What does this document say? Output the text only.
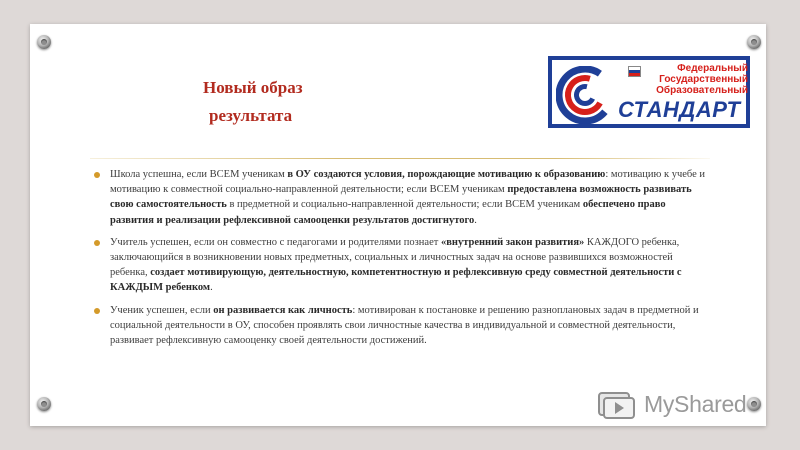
Новый образ
результата
Федеральный
Государственный
Образовательный
СТАНДАРТ
Школа успешна, если ВСЕМ ученикам в ОУ создаются условия, порождающие мотивацию к образованию: мотивацию к учебе и мотивацию к совместной социально-направленной деятельности; если ВСЕМ ученикам предоставлена возможность развивать свою самостоятельность в предметной и социально-направленной деятельности; если ВСЕМ ученикам обеспечено право развития и реализации рефлексивной самооценки результатов достигнутого.
Учитель успешен, если он совместно с педагогами и родителями познает «внутренний закон развития» КАЖДОГО ребенка, заключающийся в возникновении новых предметных, социальных и личностных задач на основе развившихся возможностей ребенка, создает мотивирующую, деятельностную, компетентностную и рефлексивную среду совместной деятельности с КАЖДЫМ ребенком.
Ученик успешен, если он развивается как личность: мотивирован к постановке и решению разноплановых задач в предметной и социальной деятельности в ОУ, способен проявлять свои личностные качества в индивидуальной и совместной деятельности, развивает рефлексивную самооценку своей деятельности достижений.
MyShared
